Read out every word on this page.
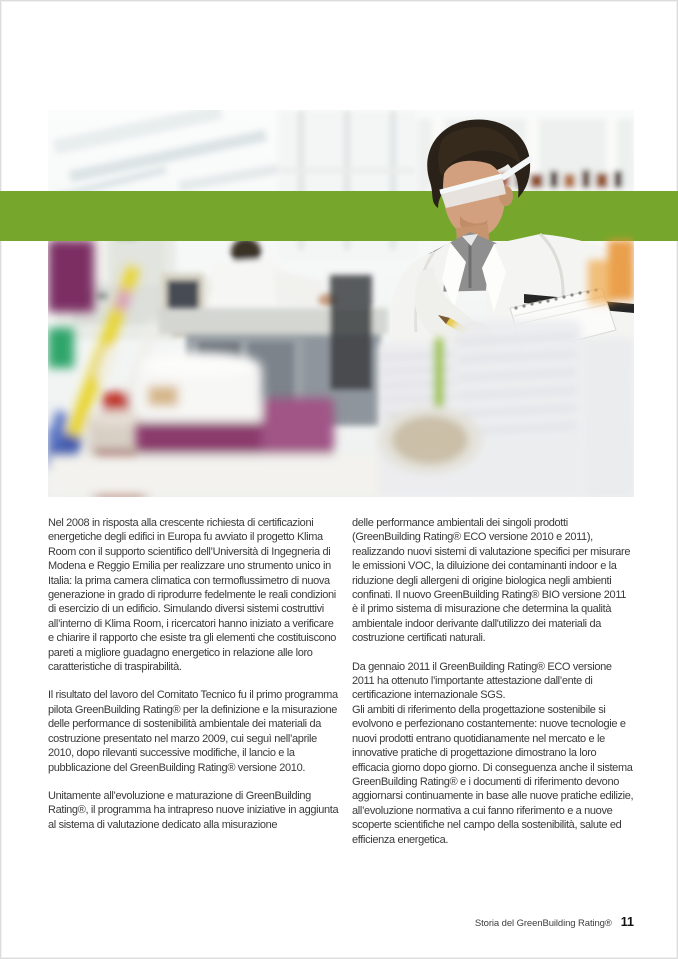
Nel 2008 in risposta alla crescente richiesta di certificazioni energetiche degli edifici in Europa fu avviato il progetto Klima Room con il supporto scientifico dell’Università di Ingegneria di Modena e Reggio Emilia per realizzare uno strumento unico in Italia: la prima camera climatica con termoflussimetro di nuova generazione in grado di riprodurre fedelmente le reali condizioni di esercizio di un edificio. Simulando diversi sistemi costruttivi all’interno di Klima Room, i ricercatori hanno iniziato a verificare e chiarire il rapporto che esiste tra gli elementi che costituiscono pareti a migliore guadagno energetico in relazione alle loro caratteristiche di traspirabilità.

Il risultato del lavoro del Comitato Tecnico fu il primo programma pilota GreenBuilding Rating® per la definizione e la misurazione delle performance di sostenibilità ambientale dei materiali da costruzione presentato nel marzo 2009, cui seguì nell’aprile 2010, dopo rilevanti successive modifiche, il lancio e la pubblicazione del GreenBuilding Rating® versione 2010.

Unitamente all’evoluzione e maturazione di GreenBuilding Rating®, il programma ha intrapreso nuove iniziative in aggiunta al sistema di valutazione dedicato alla misurazione

delle performance ambientali dei singoli prodotti (GreenBuilding Rating® ECO versione 2010 e 2011), realizzando nuovi sistemi di valutazione specifici per misurare le emissioni VOC, la diluizione dei contaminanti indoor e la riduzione degli allergeni di origine biologica negli ambienti confinati. Il nuovo GreenBuilding Rating® BIO versione 2011 è il primo sistema di misurazione che determina la qualità ambientale indoor derivante dall'utilizzo dei materiali da costruzione certificati naturali.

Da gennaio 2011 il GreenBuilding Rating® ECO versione 2011 ha ottenuto l’importante attestazione dall’ente di certificazione internazionale SGS.
Gli ambiti di riferimento della progettazione sostenibile si evolvono e perfezionano costantemente: nuove tecnologie e nuovi prodotti entrano quotidianamente nel mercato e le innovative pratiche di progettazione dimostrano la loro efficacia giorno dopo giorno. Di conseguenza anche il sistema GreenBuilding Rating® e i documenti di riferimento devono aggiornarsi continuamente in base alle nuove pratiche edilizie, all’evoluzione normativa a cui fanno riferimento e a nuove scoperte scientifiche nel campo della sostenibilità, salute ed efficienza energetica.

Storia del GreenBuilding Rating® 11
